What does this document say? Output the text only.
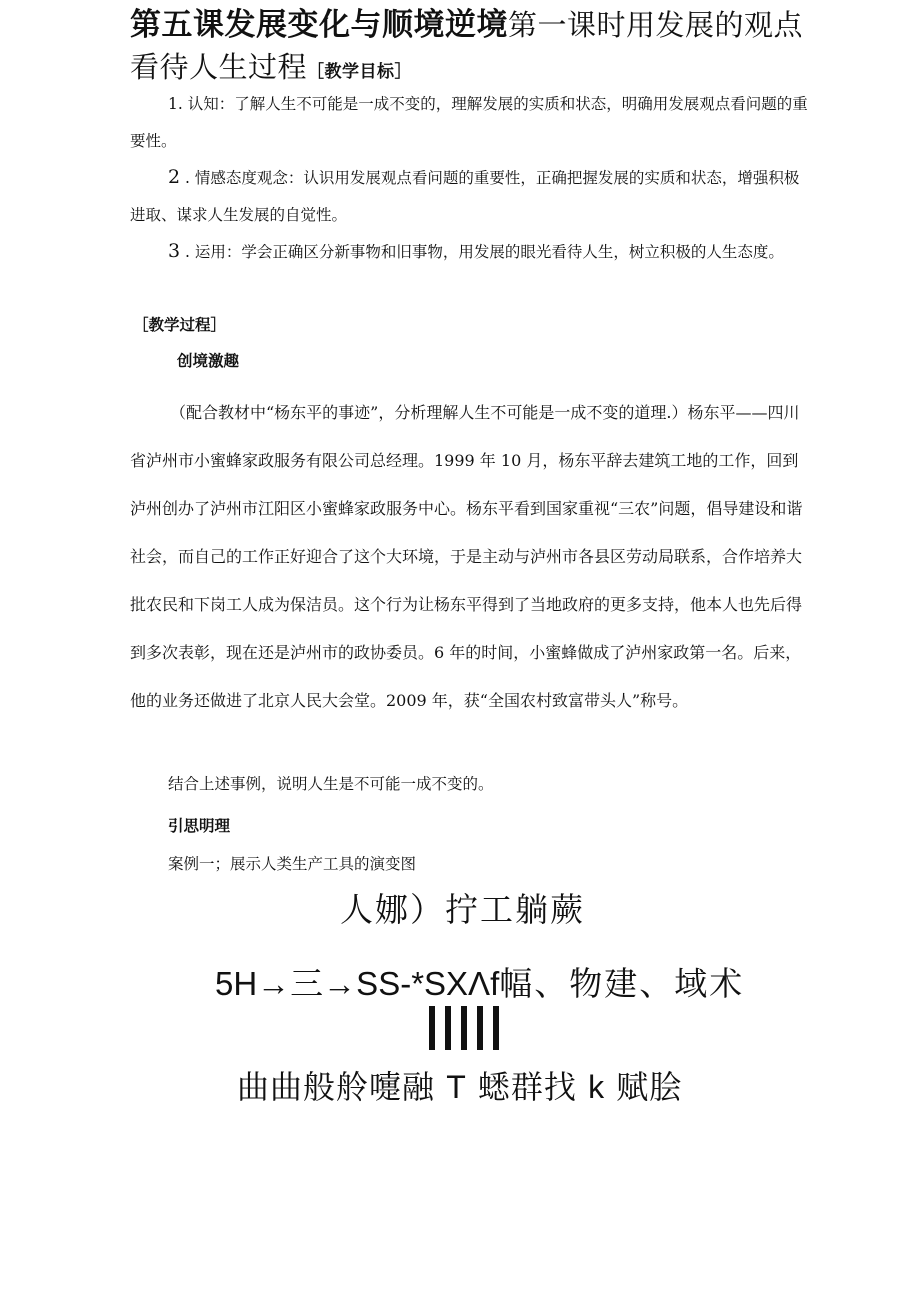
第五课发展变化与顺境逆境第一课时用发展的观点看待人生过程［教学目标］
1. 认知：了解人生不可能是一成不变的，理解发展的实质和状态，明确用发展观点看问题的重要性。
2 . 情感态度观念：认识用发展观点看问题的重要性，正确把握发展的实质和状态，增强积极进取、谋求人生发展的自觉性。
3 . 运用：学会正确区分新事物和旧事物，用发展的眼光看待人生，树立积极的人生态度。
［教学过程］
创境激趣
（配合教材中“杨东平的事迹”，分析理解人生不可能是一成不变的道理.）杨东平——四川省泸州市小蜜蜂家政服务有限公司总经理。1999 年 10 月，杨东平辞去建筑工地的工作，回到泸州创办了泸州市江阳区小蜜蜂家政服务中心。杨东平看到国家重视“三农”问题，倡导建设和谐社会，而自己的工作正好迎合了这个大环境，于是主动与泸州市各县区劳动局联系，合作培养大批农民和下岗工人成为保洁员。这个行为让杨东平得到了当地政府的更多支持，他本人也先后得到多次表彰，现在还是泸州市的政协委员。6 年的时间，小蜜蜂做成了泸州家政第一名。后来，他的业务还做进了北京人民大会堂。2009 年，获“全国农村致富带头人”称号。
结合上述事例，说明人生是不可能一成不变的。
引思明理
案例一；展示人类生产工具的演变图
人娜）拧工躺蕨
5H→三→SS-*SXΛf幅、物建、域术
曲曲般舲嚏融 T 蟋群找 k 赋脍
